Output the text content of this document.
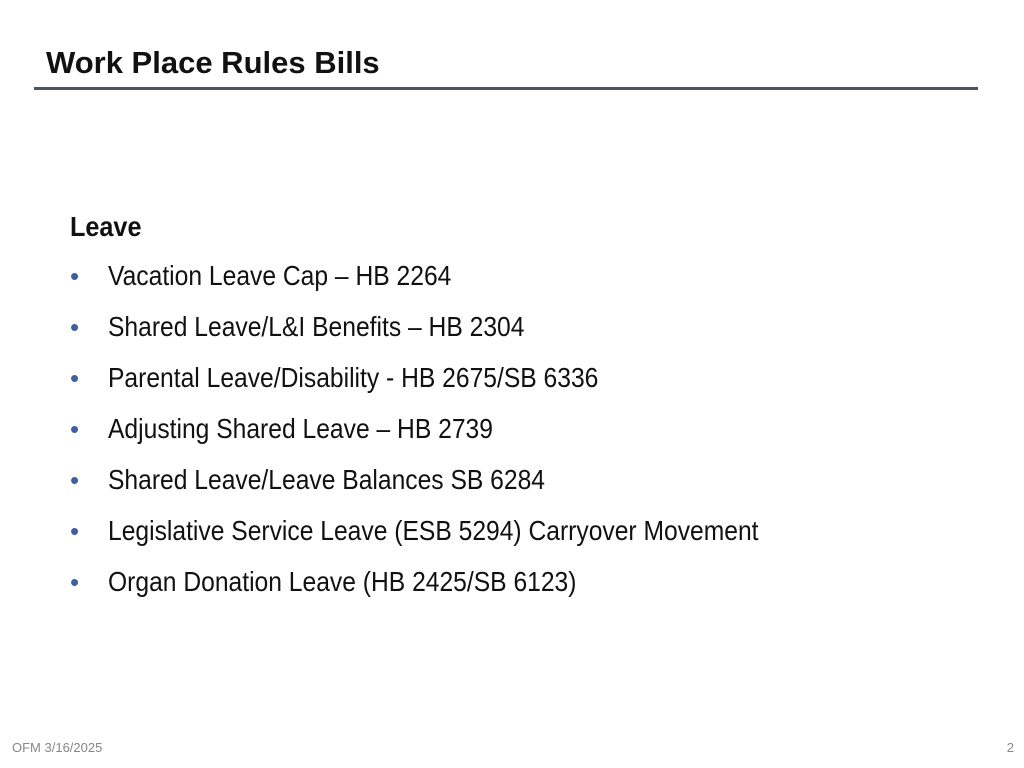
Work Place Rules Bills
Leave
• Vacation Leave Cap – HB 2264
• Shared Leave/L&I Benefits – HB 2304
• Parental Leave/Disability - HB 2675/SB 6336
• Adjusting Shared Leave – HB 2739
• Shared Leave/Leave Balances SB 6284
• Legislative Service Leave (ESB 5294) Carryover Movement
• Organ Donation Leave (HB 2425/SB 6123)
OFM 3/16/2025	2
